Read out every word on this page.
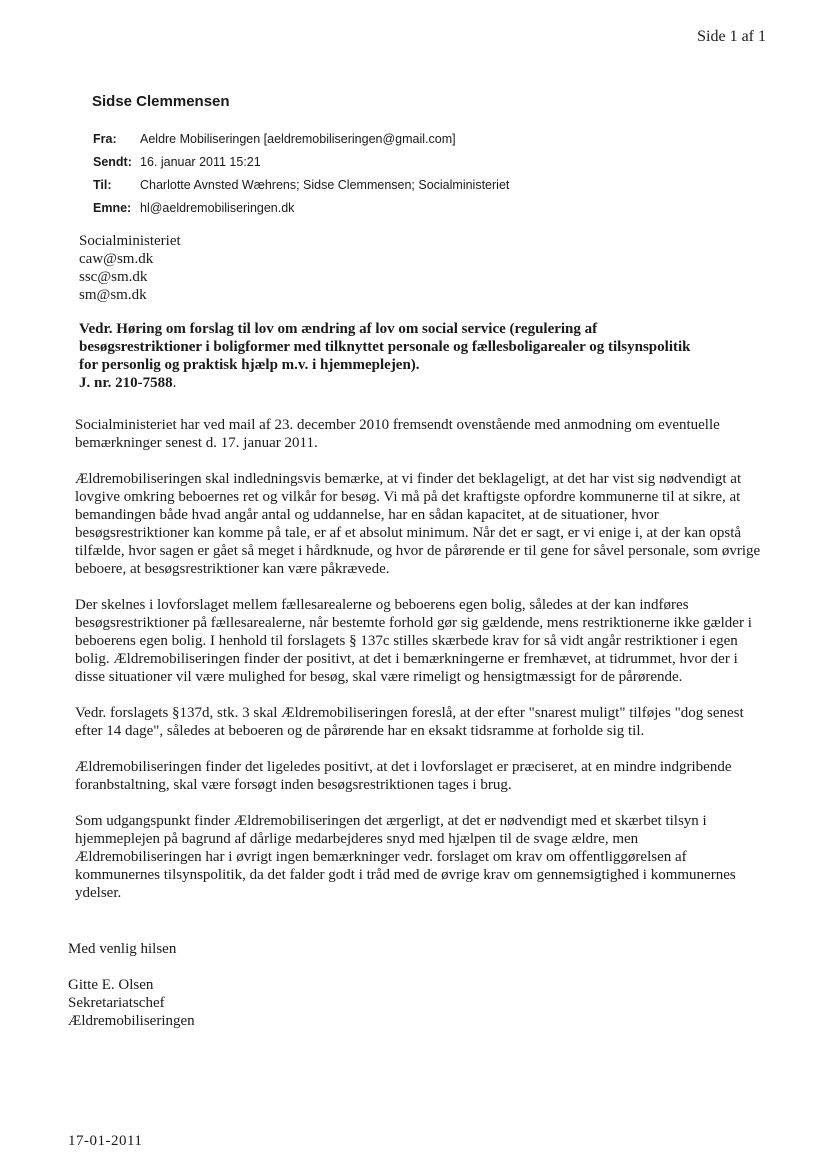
Side 1 af 1
Sidse Clemmensen
Fra:	Aeldre Mobiliseringen [aeldremobiliseringen@gmail.com]
Sendt: 16. januar 2011 15:21
Til:	Charlotte Avnsted Wæhrens; Sidse Clemmensen; Socialministeriet
Emne: hl@aeldremobiliseringen.dk
Socialministeriet
caw@sm.dk
ssc@sm.dk
sm@sm.dk
Vedr. Høring om forslag til lov om ændring af lov om social service (regulering af
besøgsrestriktioner i boligformer med tilknyttet personale og fællesboligarealer og tilsynspolitik
for personlig og praktisk hjælp m.v. i hjemmeplejen).
J. nr. 210-7588.

Socialministeriet har ved mail af 23. december 2010 fremsendt ovenstående med anmodning om eventuelle bemærkninger senest d. 17. januar 2011.

Ældremobiliseringen skal indledningsvis bemærke, at vi finder det beklageligt, at det har vist sig nødvendigt at lovgive omkring beboernes ret og vilkår for besøg. Vi må på det kraftigste opfordre kommunerne til at sikre, at bemandingen både hvad angår antal og uddannelse, har en sådan kapacitet, at de situationer, hvor besøgsrestriktioner kan komme på tale, er af et absolut minimum. Når det er sagt, er vi enige i, at der kan opstå tilfælde, hvor sagen er gået så meget i hårdknude, og hvor de pårørende er til gene for såvel personale, som øvrige beboere, at besøgsrestriktioner kan være påkrævede.

Der skelnes i lovforslaget mellem fællesarealerne og beboerens egen bolig, således at der kan indføres besøgsrestriktioner på fællesarealerne, når bestemte forhold gør sig gældende, mens restriktionerne ikke gælder i beboerens egen bolig. I henhold til forslagets § 137c stilles skærbede krav for så vidt angår restriktioner i egen bolig. Ældremobiliseringen finder der positivt, at det i bemærkningerne er fremhævet, at tidrummet, hvor der i disse situationer vil være mulighed for besøg, skal være rimeligt og hensigtmæssigt for de pårørende.

Vedr. forslagets §137d, stk. 3 skal Ældremobiliseringen foreslå, at der efter "snarest muligt" tilføjes "dog senest efter 14 dage", således at beboeren og de pårørende har en eksakt tidsramme at forholde sig til.

Ældremobiliseringen finder det ligeledes positivt, at det i lovforslaget er præciseret, at en mindre indgribende foranbstaltning, skal være forsøgt inden besøgsrestriktionen tages i brug.

Som udgangspunkt finder Ældremobiliseringen det ærgerligt, at det er nødvendigt med et skærbet tilsyn i hjemmeplejen på bagrund af dårlige medarbejderes snyd med hjælpen til de svage ældre, men Ældremobiliseringen har i øvrigt ingen bemærkninger vedr. forslaget om krav om offentliggørelsen af kommunernes tilsynspolitik, da det falder godt i tråd med de øvrige krav om gennemsigtighed i kommunernes ydelser.

Med venlig hilsen
Gitte E. Olsen
Sekretariatschef
Ældremobiliseringen
17-01-2011
